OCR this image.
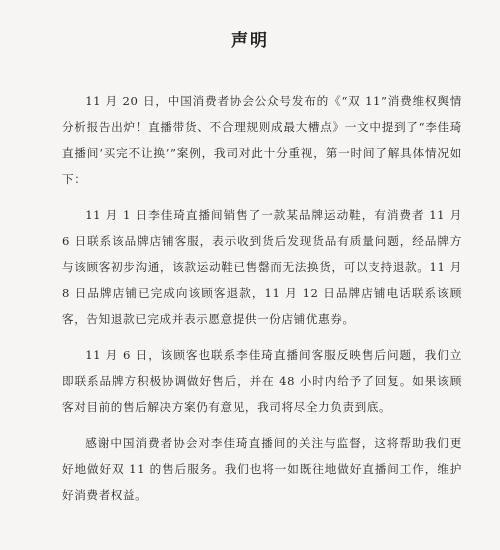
声明

11 月 20 日，中国消费者协会公众号发布的《“双 11”消费维权舆情分析报告出炉！直播带货、不合理规则成最大槽点》一文中提到了“李佳琦直播间‘买完不让换’”案例，我司对此十分重视，第一时间了解具体情况如下：

11 月 1 日李佳琦直播间销售了一款某品牌运动鞋，有消费者 11 月 6 日联系该品牌店铺客服，表示收到货后发现货品有质量问题，经品牌方与该顾客初步沟通，该款运动鞋已售罄而无法换货，可以支持退款。11 月 8 日品牌店铺已完成向该顾客退款，11 月 12 日品牌店铺电话联系该顾客，告知退款已完成并表示愿意提供一份店铺优惠券。

11 月 6 日，该顾客也联系李佳琦直播间客服反映售后问题，我们立即联系品牌方积极协调做好售后，并在 48 小时内给予了回复。如果该顾客对目前的售后解决方案仍有意见，我司将尽全力负责到底。

感谢中国消费者协会对李佳琦直播间的关注与监督，这将帮助我们更好地做好双 11 的售后服务。我们也将一如既往地做好直播间工作，维护好消费者权益。
